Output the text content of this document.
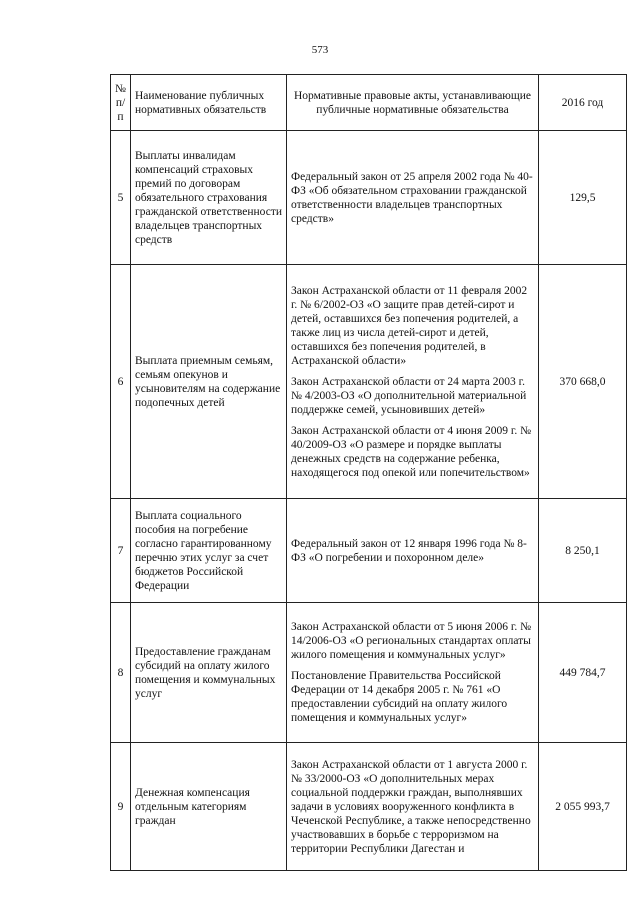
573
№ п/п	Наименование публичных нормативных обязательств	Нормативные правовые акты, устанавливающие публичные нормативные обязательства	2016 год
5	Выплаты инвалидам компенсаций страховых премий по договорам обязательного страхования гражданской ответственности владельцев транспортных средств	Федеральный закон от 25 апреля 2002 года № 40-ФЗ «Об обязательном страховании гражданской ответственности владельцев транспортных средств»	129,5
6	Выплата приемным семьям, семьям опекунов и усыновителям на содержание подопечных детей	Закон Астраханской области от 11 февраля 2002 г. № 6/2002-ОЗ «О защите прав детей-сирот и детей, оставшихся без попечения родителей, а также лиц из числа детей-сирот и детей, оставшихся без попечения родителей, в Астраханской области»

Закон Астраханской области от 24 марта 2003 г. № 4/2003-ОЗ «О дополнительной материальной поддержке семей, усыновивших детей»

Закон Астраханской области от 4 июня 2009 г. № 40/2009-ОЗ «О размере и порядке выплаты денежных средств на содержание ребенка, находящегося под опекой или попечительством»	370 668,0
7	Выплата социального пособия на погребение согласно гарантированному перечню этих услуг за счет бюджетов Российской Федерации	Федеральный закон от 12 января 1996 года № 8-ФЗ «О погребении и похоронном деле»	8 250,1
8	Предоставление гражданам субсидий на оплату жилого помещения и коммунальных услуг	Закон Астраханской области от 5 июня 2006 г. № 14/2006-ОЗ «О региональных стандартах оплаты жилого помещения и коммунальных услуг»

Постановление Правительства Российской Федерации от 14 декабря 2005 г. № 761 «О предоставлении субсидий на оплату жилого помещения и коммунальных услуг»	449 784,7
9	Денежная компенсация отдельным категориям граждан	Закон Астраханской области от 1 августа 2000 г. № 33/2000-ОЗ «О дополнительных мерах социальной поддержки граждан, выполнявших задачи в условиях вооруженного конфликта в Чеченской Республике, а также непосредственно участвовавших в борьбе с терроризмом на территории Республики Дагестан и	2 055 993,7
